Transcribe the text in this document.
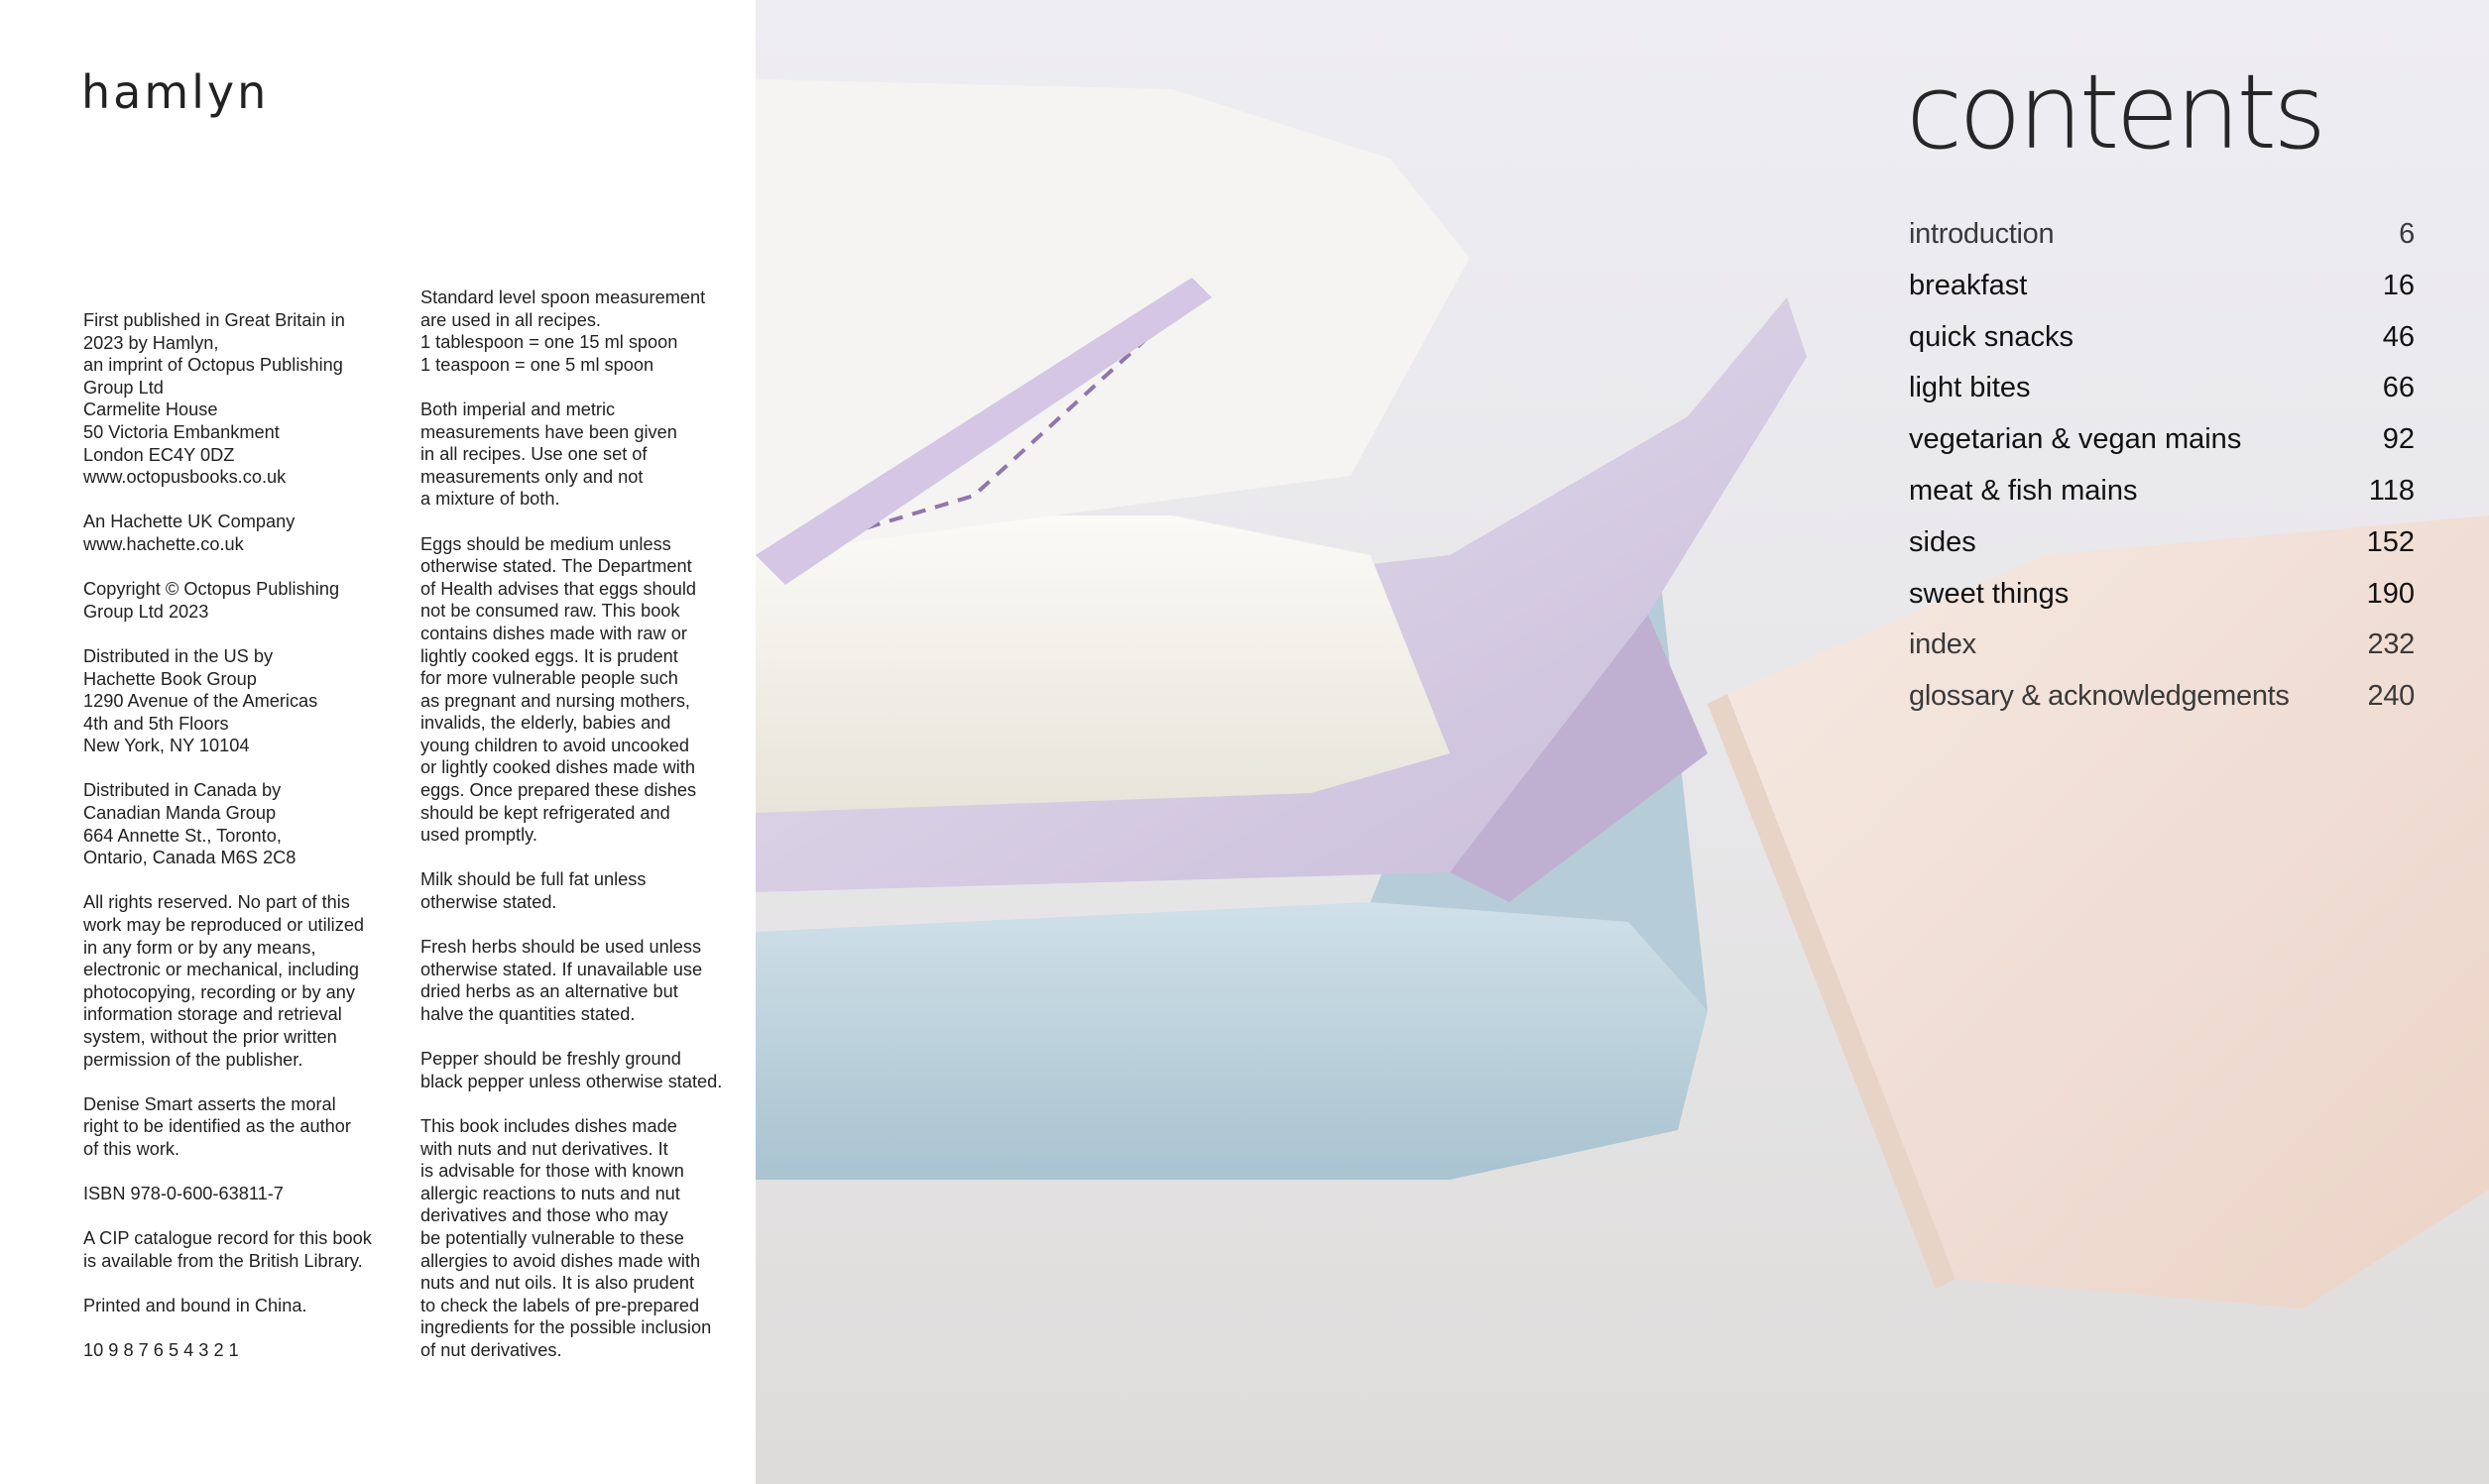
hamlyn

First published in Great Britain in
2023 by Hamlyn,
an imprint of Octopus Publishing
Group Ltd
Carmelite House
50 Victoria Embankment
London EC4Y 0DZ
www.octopusbooks.co.uk

An Hachette UK Company
www.hachette.co.uk

Copyright © Octopus Publishing
Group Ltd 2023

Distributed in the US by
Hachette Book Group
1290 Avenue of the Americas
4th and 5th Floors
New York, NY 10104

Distributed in Canada by
Canadian Manda Group
664 Annette St., Toronto,
Ontario, Canada M6S 2C8

All rights reserved. No part of this
work may be reproduced or utilized
in any form or by any means,
electronic or mechanical, including
photocopying, recording or by any
information storage and retrieval
system, without the prior written
permission of the publisher.

Denise Smart asserts the moral
right to be identified as the author
of this work.

ISBN 978-0-600-63811-7

A CIP catalogue record for this book
is available from the British Library.

Printed and bound in China.

10 9 8 7 6 5 4 3 2 1

Standard level spoon measurement
are used in all recipes.
1 tablespoon = one 15 ml spoon
1 teaspoon = one 5 ml spoon

Both imperial and metric
measurements have been given
in all recipes. Use one set of
measurements only and not
a mixture of both.

Eggs should be medium unless
otherwise stated. The Department
of Health advises that eggs should
not be consumed raw. This book
contains dishes made with raw or
lightly cooked eggs. It is prudent
for more vulnerable people such
as pregnant and nursing mothers,
invalids, the elderly, babies and
young children to avoid uncooked
or lightly cooked dishes made with
eggs. Once prepared these dishes
should be kept refrigerated and
used promptly.

Milk should be full fat unless
otherwise stated.

Fresh herbs should be used unless
otherwise stated. If unavailable use
dried herbs as an alternative but
halve the quantities stated.

Pepper should be freshly ground
black pepper unless otherwise stated.

This book includes dishes made
with nuts and nut derivatives. It
is advisable for those with known
allergic reactions to nuts and nut
derivatives and those who may
be potentially vulnerable to these
allergies to avoid dishes made with
nuts and nut oils. It is also prudent
to check the labels of pre-prepared
ingredients for the possible inclusion
of nut derivatives.

contents
introduction	6
breakfast	16
quick snacks	46
light bites	66
vegetarian & vegan mains	92
meat & fish mains	118
sides	152
sweet things	190
index	232
glossary & acknowledgements	240
